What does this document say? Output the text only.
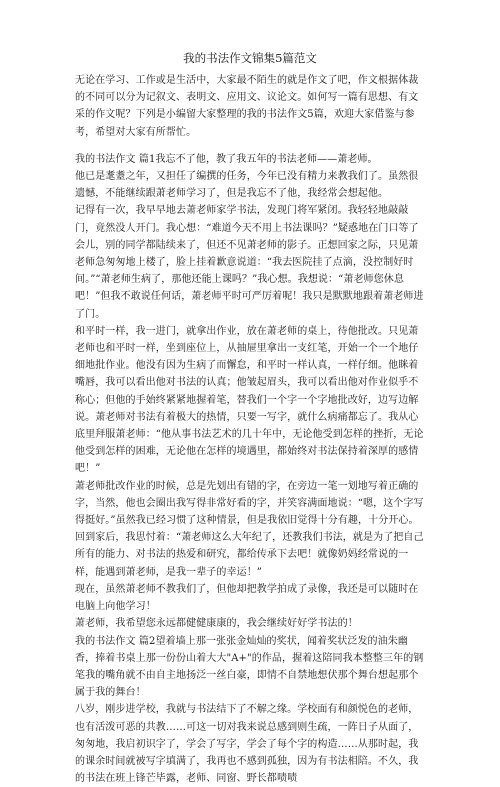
我的书法作文锦集5篇范文

无论在学习、工作或是生活中，大家最不陌生的就是作文了吧，作文根据体裁的不同可以分为记叙文、表明文、应用文、议论文。如何写一篇有思想、有文采的作文呢？下列是小编留大家整理的我的书法作文5篇，欢迎大家借鉴与参考，希望对大家有所帮忙。

我的书法作文 篇1我忘不了他，教了我五年的书法老师——萧老师。

他已是耄耋之年，又担任了编撰的任务，今年已没有精力来教我们了。虽然很遗憾，不能继续跟萧老师学习了，但是我忘不了他，我经常会想起他。

记得有一次，我早早地去萧老师家学书法，发现门将军紧闭。我轻轻地敲敲门，竟然没人开门。我心想：“难道今天不用上书法课吗？”疑惑地在门口等了会儿，别的同学都陆续来了，但还不见萧老师的影子。正想回家之际，只见萧老师急匆匆地上楼了，脸上挂着歉意说道：“我去医院挂了点滴，没控制好时间。”“萧老师生病了，那他还能上课吗？”我心想。我想说：“萧老师您休息吧！”但我不敢说任何话，萧老师平时可严厉着呢！我只是默默地跟着萧老师进了门。

和平时一样，我一进门，就拿出作业，放在萧老师的桌上，待他批改。只见萧老师也和平时一样，坐到座位上，从抽屉里拿出一支红笔，开始一个一个地仔细地批作业。他没有因为生病了而懈怠，和平时一样认真，一样仔细。他眯着嘴唇，我可以看出他对书法的认真；他皱起眉头，我可以看出他对作业似乎不称心；但他的手始终紧紧地握着笔，替我们一个字一个字地批改好，边写边解说。萧老师对书法有着极大的热情，只要一写字，就什么病痛都忘了。我从心底里拜服萧老师：“他从事书法艺术的几十年中，无论他受到怎样的挫折，无论他受到怎样的困难，无论他在怎样的境遇里，都始终对书法保持着深厚的感情吧！”

萧老师批改作业的时候，总是先划出有错的字，在旁边一笔一划地写着正确的字，当然，他也会圈出我写得非常好看的字，并笑容满面地说：“嗯，这个字写得挺好。”虽然我已经习惯了这种情景，但是我依旧觉得十分有趣，十分开心。

回到家后，我思忖着：“萧老师这么大年纪了，还教我们书法，就是为了把自己所有的能力、对书法的热爱和研究，都给传承下去吧！就像奶妈经常说的一样，能遇到萧老师，是我一辈子的幸运！”

现在，虽然萧老师不教我们了，但他却把教学拍成了录像，我还是可以随时在电脑上向他学习！

萧老师，我希望您永远都健健康康的，我会继续好好学书法的！

我的书法作文 篇2望着墙上那一张张金灿灿的奖状，闻着奖状泛发的油朱幽香，捧着书桌上那一份份山着大大"A+"的作品，握着这陪同我本整整三年的钢笔我的嘴角就不由自主地扬泛一丝白豪，即情不自禁地想伏那个舞台想起那个属于我的舞台！

八岁，刚步进学校，我就与书法结下了不解之缘。学校面有和颜悦色的老师，也有活泼可恶的共教……可这一切对我来说总感到则生疏，一阵日子从面了，匆匆地，我启初识字了，学会了写字，学会了每个字的构造……从那时起，我的课余时间就被写字填满了，我再也不感到孤独，因为有书法相陪。不久，我的书法在班上锋芒毕露，老师、同窗、野长都啧啧
